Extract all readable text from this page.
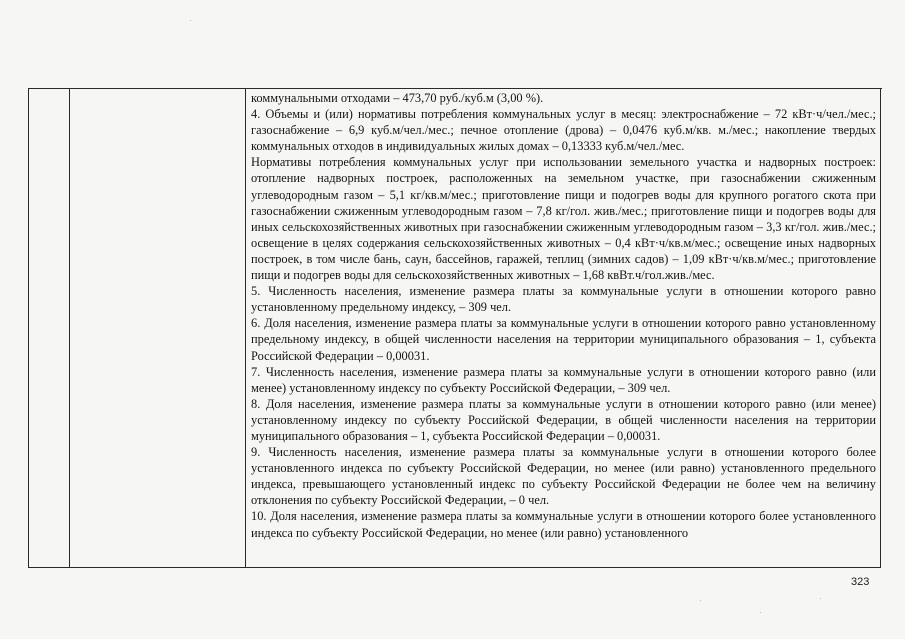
коммунальными отходами – 473,70 руб./куб.м (3,00 %).

4. Объемы и (или) нормативы потребления коммунальных услуг в месяц: электроснабжение – 72 кВт·ч/чел./мес.; газоснабжение – 6,9 куб.м/чел./мес.; печное отопление (дрова) – 0,0476 куб.м/кв. м./мес.; накопление твердых коммунальных отходов в индивидуальных жилых домах – 0,13333 куб.м/чел./мес.

Нормативы потребления коммунальных услуг при использовании земельного участка и надворных построек: отопление надворных построек, расположенных на земельном участке, при газоснабжении сжиженным углеводородным газом – 5,1 кг/кв.м/мес.; приготовление пищи и подогрев воды для крупного рогатого скота при газоснабжении сжиженным углеводородным газом – 7,8 кг/гол. жив./мес.; приготовление пищи и подогрев воды для иных сельскохозяйственных животных при газоснабжении сжиженным углеводородным газом – 3,3 кг/гол. жив./мес.; освещение в целях содержания сельскохозяйственных животных – 0,4 кВт·ч/кв.м/мес.; освещение иных надворных построек, в том числе бань, саун, бассейнов, гаражей, теплиц (зимних садов) – 1,09 кВт·ч/кв.м/мес.; приготовление пищи и подогрев воды для сельскохозяйственных животных – 1,68 квВт.ч/гол.жив./мес.

5. Численность населения, изменение размера платы за коммунальные услуги в отношении которого равно установленному предельному индексу, – 309 чел.

6. Доля населения, изменение размера платы за коммунальные услуги в отношении которого равно установленному предельному индексу, в общей численности населения на территории муниципального образования – 1, субъекта Российской Федерации – 0,00031.

7. Численность населения, изменение размера платы за коммунальные услуги в отношении которого равно (или менее) установленному индексу по субъекту Российской Федерации, – 309 чел.

8. Доля населения, изменение размера платы за коммунальные услуги в отношении которого равно (или менее) установленному индексу по субъекту Российской Федерации, в общей численности населения на территории муниципального образования – 1, субъекта Российской Федерации – 0,00031.

9. Численность населения, изменение размера платы за коммунальные услуги в отношении которого более установленного индекса по субъекту Российской Федерации, но менее (или равно) установленного предельного индекса, превышающего установленный индекс по субъекту Российской Федерации не более чем на величину отклонения по субъекту Российской Федерации, – 0 чел.

10. Доля населения, изменение размера платы за коммунальные услуги в отношении которого более установленного индекса по субъекту Российской Федерации, но менее (или равно) установленного

323
